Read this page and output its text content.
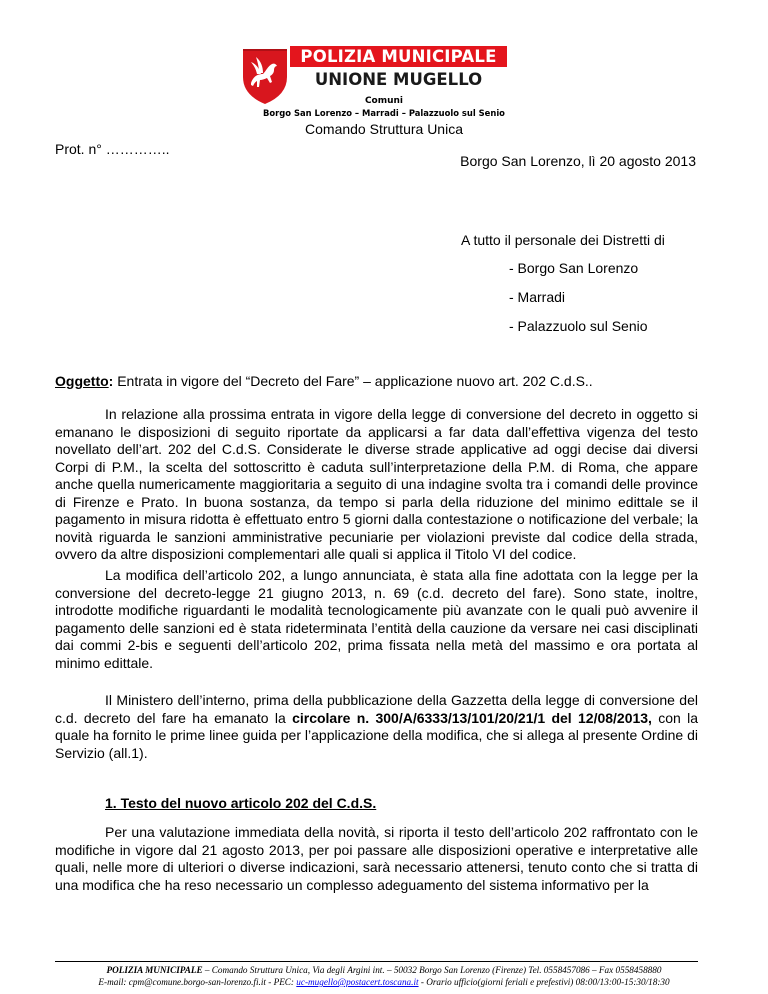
POLIZIA MUNICIPALE
UNIONE MUGELLO
Comuni
Borgo San Lorenzo – Marradi – Palazzuolo sul Senio
Comando Struttura Unica
Prot. n° …………..
Borgo San Lorenzo, lì 20 agosto 2013
A tutto il personale dei Distretti di
- Borgo San Lorenzo
- Marradi
- Palazzuolo sul Senio
Oggetto: Entrata in vigore del “Decreto del Fare” – applicazione nuovo art. 202 C.d.S..

In relazione alla prossima entrata in vigore della legge di conversione del decreto in oggetto si emanano le disposizioni di seguito riportate da applicarsi a far data dall’effettiva vigenza del testo novellato dell’art. 202 del C.d.S. Considerate le diverse strade applicative ad oggi decise dai diversi Corpi di P.M., la scelta del sottoscritto è caduta sull’interpretazione della P.M. di Roma, che appare anche quella numericamente maggioritaria a seguito di una indagine svolta tra i comandi delle province di Firenze e Prato. In buona sostanza, da tempo si parla della riduzione del minimo edittale se il pagamento in misura ridotta è effettuato entro 5 giorni dalla contestazione o notificazione del verbale; la novità riguarda le sanzioni amministrative pecuniarie per violazioni previste dal codice della strada, ovvero da altre disposizioni complementari alle quali si applica il Titolo VI del codice.

La modifica dell’articolo 202, a lungo annunciata, è stata alla fine adottata con la legge per la conversione del decreto-legge 21 giugno 2013, n. 69 (c.d. decreto del fare). Sono state, inoltre, introdotte modifiche riguardanti le modalità tecnologicamente più avanzate con le quali può avvenire il pagamento delle sanzioni ed è stata rideterminata l’entità della cauzione da versare nei casi disciplinati dai commi 2-bis e seguenti dell’articolo 202, prima fissata nella metà del massimo e ora portata al minimo edittale.

Il Ministero dell’interno, prima della pubblicazione della Gazzetta della legge di conversione del c.d. decreto del fare ha emanato la circolare n. 300/A/6333/13/101/20/21/1 del 12/08/2013, con la quale ha fornito le prime linee guida per l’applicazione della modifica, che si allega al presente Ordine di Servizio (all.1).

1. Testo del nuovo articolo 202 del C.d.S.

Per una valutazione immediata della novità, si riporta il testo dell’articolo 202 raffrontato con le modifiche in vigore dal 21 agosto 2013, per poi passare alle disposizioni operative e interpretative alle quali, nelle more di ulteriori o diverse indicazioni, sarà necessario attenersi, tenuto conto che si tratta di una modifica che ha reso necessario un complesso adeguamento del sistema informativo per la

POLIZIA MUNICIPALE – Comando Struttura Unica, Via degli Argini int. – 50032 Borgo San Lorenzo (Firenze) Tel. 0558457086 – Fax 0558458880
E-mail: cpm@comune.borgo-san-lorenzo.fi.it - PEC: uc-mugello@postacert.toscana.it - Orario ufficio(giorni feriali e prefestivi) 08:00/13:00-15:30/18:30
